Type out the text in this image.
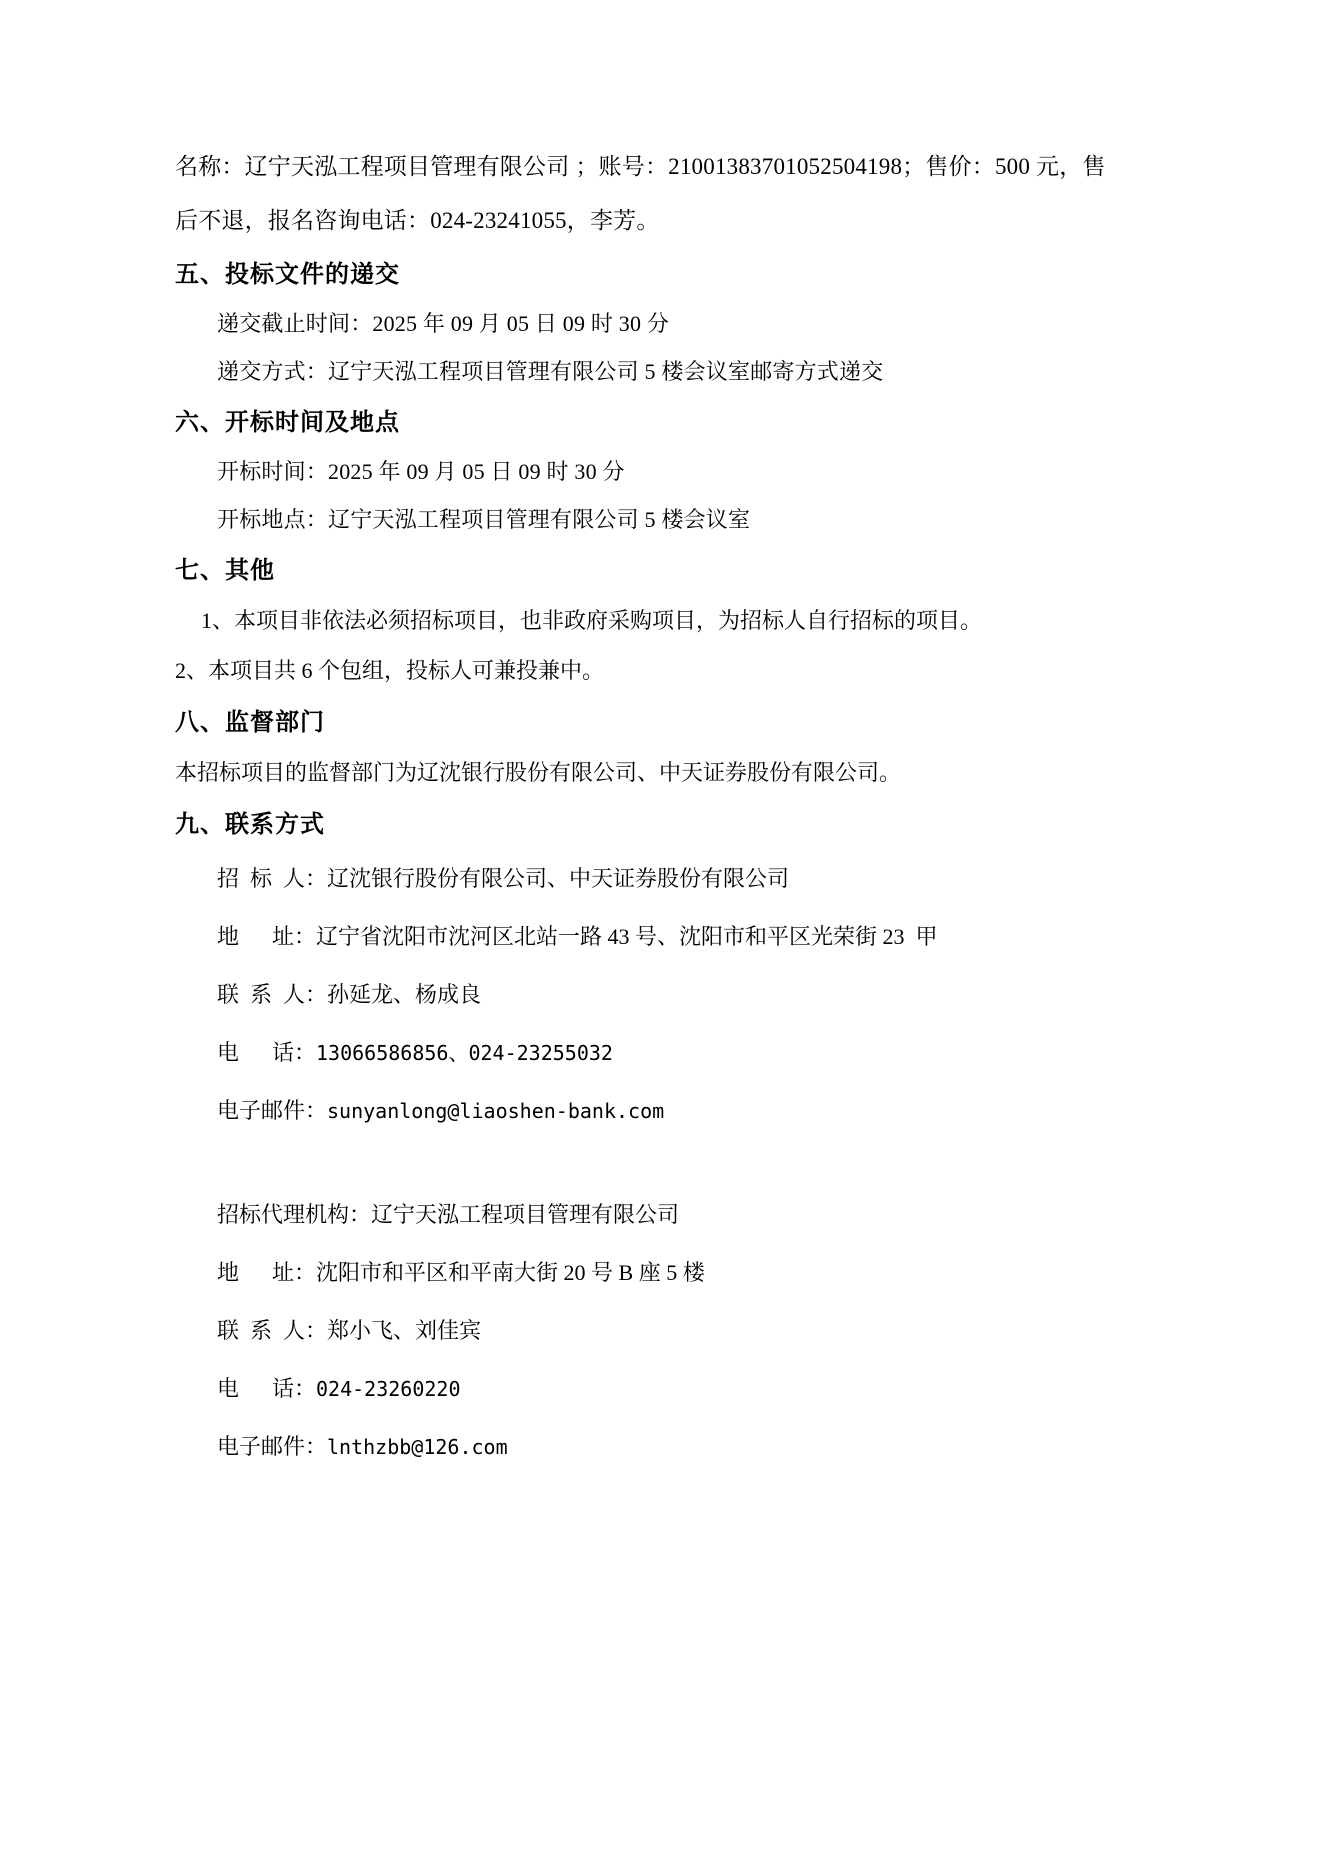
名称：辽宁天泓工程项目管理有限公司 ；账号：21001383701052504198；售价：500 元，售

后不退，报名咨询电话：024-23241055，李芳。

五、投标文件的递交

递交截止时间：2025 年 09 月 05 日 09 时 30 分

递交方式：辽宁天泓工程项目管理有限公司 5 楼会议室邮寄方式递交

六、开标时间及地点

开标时间：2025 年 09 月 05 日 09 时 30 分

开标地点：辽宁天泓工程项目管理有限公司 5 楼会议室

七、其他

1、本项目非依法必须招标项目，也非政府采购项目，为招标人自行招标的项目。

2、本项目共 6 个包组，投标人可兼投兼中。

八、监督部门

本招标项目的监督部门为辽沈银行股份有限公司、中天证券股份有限公司。

九、联系方式

招  标  人：辽沈银行股份有限公司、中天证券股份有限公司

地      址：辽宁省沈阳市沈河区北站一路 43 号、沈阳市和平区光荣街 23  甲

联  系  人：孙延龙、杨成良

电      话：13066586856、024-23255032

电子邮件：sunyanlong@liaoshen-bank.com

招标代理机构：辽宁天泓工程项目管理有限公司

地      址：沈阳市和平区和平南大街 20 号 B 座 5 楼

联  系  人：郑小飞、刘佳宾

电      话：024-23260220

电子邮件：lnthzbb@126.com
